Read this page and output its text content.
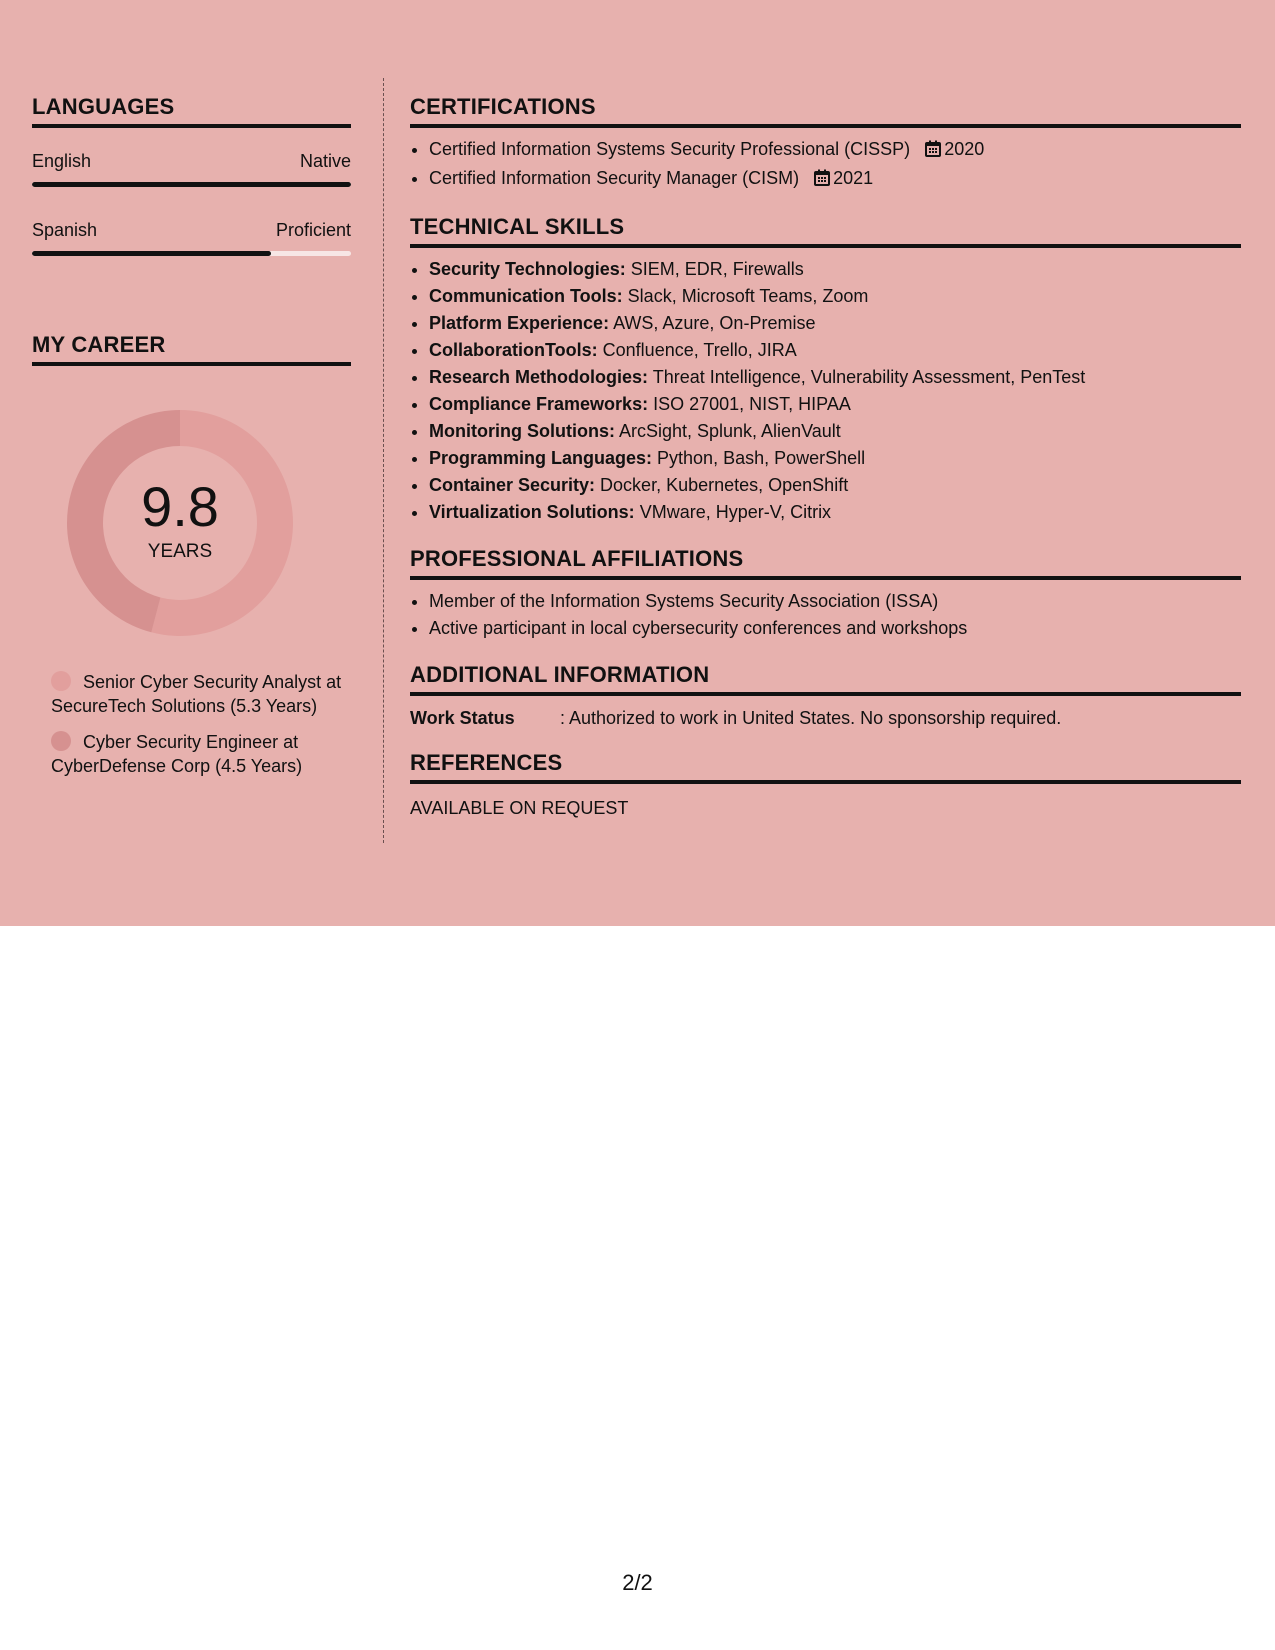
LANGUAGES
English	Native
Spanish	Proficient
MY CAREER
9.8
YEARS
Senior Cyber Security Analyst at SecureTech Solutions (5.3 Years)
Cyber Security Engineer at CyberDefense Corp (4.5 Years)
CERTIFICATIONS
• Certified Information Systems Security Professional (CISSP) 2020
• Certified Information Security Manager (CISM) 2021
TECHNICAL SKILLS
• Security Technologies: SIEM, EDR, Firewalls
• Communication Tools: Slack, Microsoft Teams, Zoom
• Platform Experience: AWS, Azure, On-Premise
• CollaborationTools: Confluence, Trello, JIRA
• Research Methodologies: Threat Intelligence, Vulnerability Assessment, PenTest
• Compliance Frameworks: ISO 27001, NIST, HIPAA
• Monitoring Solutions: ArcSight, Splunk, AlienVault
• Programming Languages: Python, Bash, PowerShell
• Container Security: Docker, Kubernetes, OpenShift
• Virtualization Solutions: VMware, Hyper-V, Citrix
PROFESSIONAL AFFILIATIONS
• Member of the Information Systems Security Association (ISSA)
• Active participant in local cybersecurity conferences and workshops
ADDITIONAL INFORMATION
Work Status	: Authorized to work in United States. No sponsorship required.
REFERENCES
AVAILABLE ON REQUEST
2/2
